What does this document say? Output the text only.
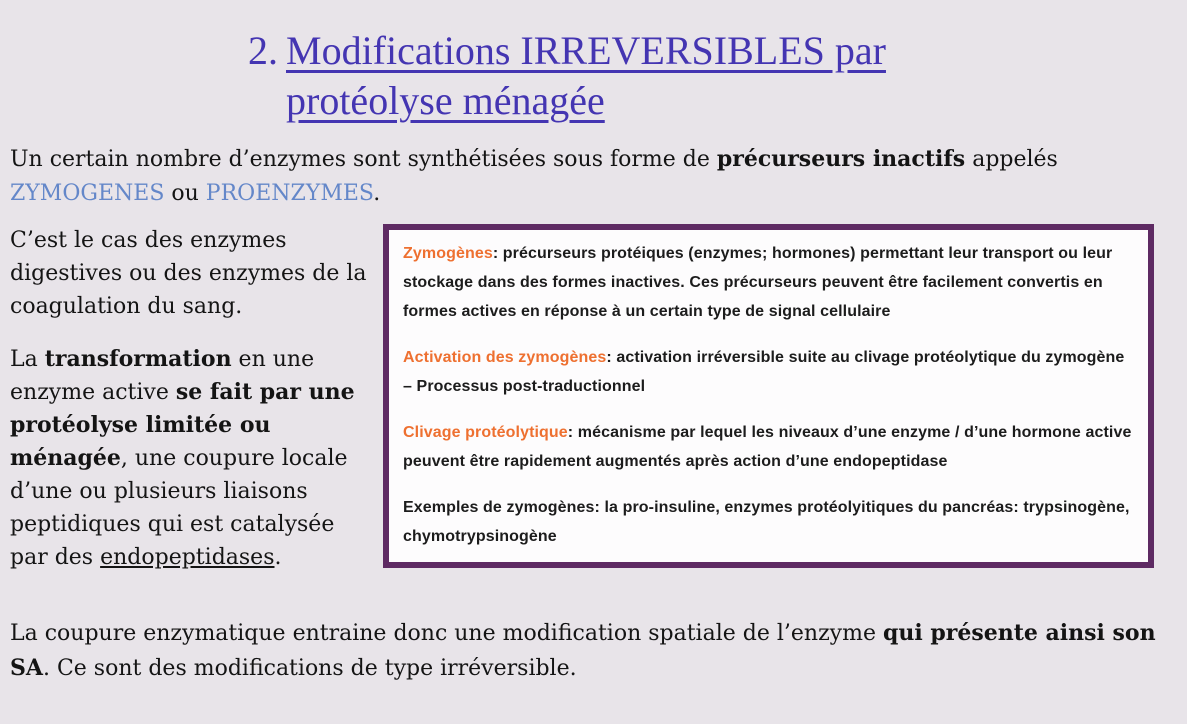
2. Modifications IRREVERSIBLES par protéolyse ménagée

Un certain nombre d’enzymes sont synthétisées sous forme de précurseurs inactifs appelés ZYMOGENES ou PROENZYMES.

C’est le cas des enzymes digestives ou des enzymes de la coagulation du sang.

La transformation en une enzyme active se fait par une protéolyse limitée ou ménagée, une coupure locale d’une ou plusieurs liaisons peptidiques qui est catalysée par des endopeptidases.

Zymogènes: précurseurs protéiques (enzymes; hormones) permettant leur transport ou leur stockage dans des formes inactives. Ces précurseurs peuvent être facilement convertis en formes actives en réponse à un certain type de signal cellulaire

Activation des zymogènes: activation irréversible suite au clivage protéolytique du zymogène – Processus post-traductionnel

Clivage protéolytique: mécanisme par lequel les niveaux d’une enzyme / d’une hormone active peuvent être rapidement augmentés après action d’une endopeptidase

Exemples de zymogènes: la pro-insuline, enzymes protéolyitiques du pancréas: trypsinogène, chymotrypsinogène

La coupure enzymatique entraine donc une modification spatiale de l’enzyme qui présente ainsi son SA. Ce sont des modifications de type irréversible.
